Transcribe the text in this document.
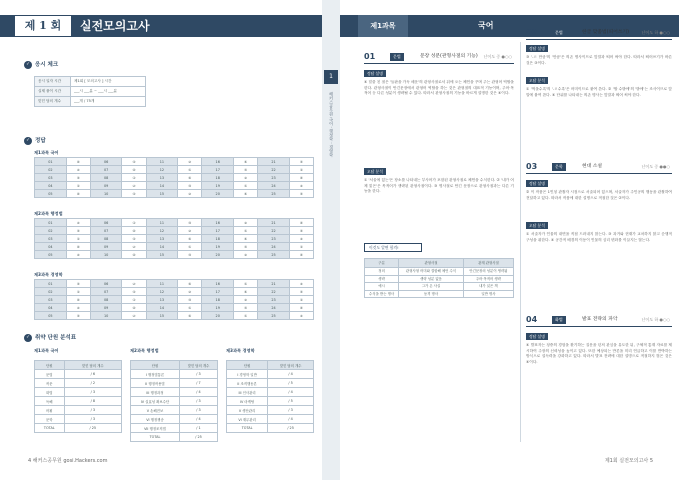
제 1 회	실전모의고사
1
해커스공무원 국어 · 행정학 · 경영학
✓ 응시 체크
응시 일자 시간	제1회 [ 모의고사 ] 시간
실제 풀이 시간	___시 ___분 ~ ___시 ___분
맞힌 답의 개수	___개 / 75개
✓ 정답
제1과목 국어
01	④	06	③	11	②	16	④	21	③
02	②	07	④	12	①	17	③	22	①
03	③	08	①	13	④	18	②	23	④
04	①	09	②	14	③	19	①	24	②
05	④	10	③	15	②	20	④	25	③
제2과목 행정법
01	②	06	①	11	③	16	②	21	④
02	③	07	④	12	②	17	①	22	③
03	①	08	③	13	④	18	④	23	②
04	④	09	②	14	①	19	③	24	①
05	②	10	④	15	③	20	②	25	④
제3과목 경영학
01	③	06	②	11	④	16	①	21	②
02	①	07	③	12	②	17	④	22	③
03	④	08	①	13	③	18	②	23	①
04	②	09	④	14	①	19	③	24	④
05	③	10	②	15	④	20	①	25	②
✓ 취약 단원 분석표
제1과목 국어
단원	맞힌 답의 개수
문법	/ 6
작문	/ 2
화법	/ 3
독해	/ 8
어휘	/ 3
문학	/ 3
TOTAL	/ 25
제2과목 행정법
단원	맞힌 답의 개수
I 행정법통론	/ 3
II 행정작용법	/ 7
III 행정과정	/ 4
IV 실효성 확보수단	/ 3
V 손해전보	/ 3
VI 행정쟁송	/ 4
VII 행정조직법	/ 1
TOTAL	/ 25
제3과목 경영학
단원	맞힌 답의 개수
I 경영학 일반	/ 4
II 조직행동론	/ 5
III 인사관리	/ 4
IV 마케팅	/ 5
V 생산관리	/ 3
VI 재무관리	/ 4
TOTAL	/ 25
4 해커스공무원 gosi.Hackers.com
제1과목	국어
01	문법	문장 성분(관형사절의 기능) 난이도 중 ●○○
정답 설명
④ 밑줄 친 절은 '들판을 가득 메운'의 관형사절로서 뒤에 오는 체언을 꾸며 주는 관형어 역할을 한다. 관형사절이 안긴문장에서 관형어 역할을 하는 것은 관형절의 대표적 기능이며, 주어·목적어 등 다른 성분이 생략될 수 있다. 따라서 관형사절의 기능을 바르게 설명한 것은 ④이다.
오답 분석
① '서울에 있는'은 장소를 나타내는 부사어가 포함된 관형사절로 체언을 수식한다. ② '내가 어제 읽은'은 목적어가 생략된 관형사절이다. ③ 명사절로 안긴 문장으로 관형사절과는 다른 기능을 한다.
이것도 알면 합격!
구분	관형사절	관계 관형사절
정의	관형사형 어미와 결합해 체언 수식	안긴문장의 성분이 생략됨
생략	생략 성분 없음	주어·목적어 생략
예시	그가 온 사실	내가 읽은 책
수식을 받는 명사	동격 명사	일반 명사
02	문법	한글 맞춤법(띄어쓰기)	난이도 하 ●○○
정답 설명
③ '-ㄹ 만큼'의 '만큼'은 의존 명사이므로 앞말과 띄어 써야 한다. 따라서 띄어쓰기가 바른 것은 ③이다.
오답 분석
① '먹을수록'의 '-ㄹ수록'은 어미이므로 붙여 쓴다. ② '할 수밖에'의 '밖에'는 조사이므로 앞말에 붙여 쓴다. ④ 단위를 나타내는 의존 명사는 앞말과 띄어 써야 한다.
03	문학	현대 소설	난이도 중 ●●○
정답 설명
② 이 작품은 1인칭 관찰자 시점으로 서술되어 있으며, 서술자가 주인공의 행동을 관찰하여 전달하고 있다. 따라서 작품에 대한 설명으로 적절한 것은 ②이다.
오답 분석
① 서술자가 인물의 내면을 직접 드러내지 않는다. ③ 과거와 현재가 교차하지 않고 순행적 구성을 취한다. ④ 공간적 배경의 이동이 인물의 심리 변화를 이끌지는 않는다.
04	화법	발표 전략의 파악	난이도 하 ●○○
정답 설명
④ 발표자는 청중의 경험을 환기하는 질문을 던져 관심을 유도한 뒤, 구체적 통계 자료를 제시하여 주장의 신뢰성을 높이고 있다. 또한 예상되는 반론을 미리 언급하고 이를 반박하는 방식으로 설득력을 강화하고 있다. 따라서 발표 전략에 대한 설명으로 적절하지 않은 것은 ④이다.
제1회 실전모의고사 5
